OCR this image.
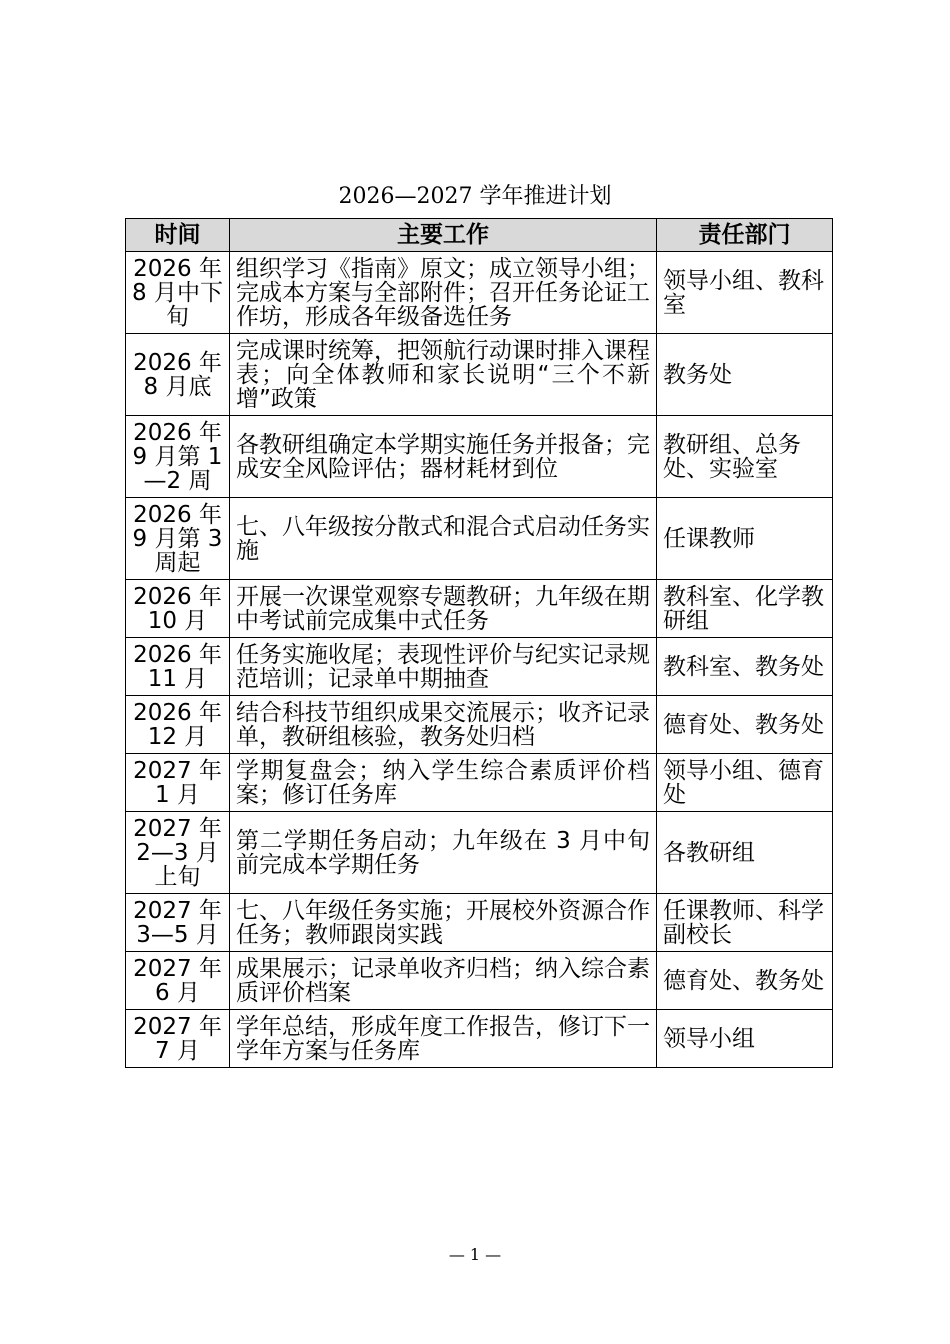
2026—2027 学年推进计划
时间	主要工作	责任部门
2026 年 8 月中下旬	组织学习《指南》原文；成立领导小组；完成本方案与全部附件；召开任务论证工作坊，形成各年级备选任务	领导小组、教科室
2026 年 8 月底	完成课时统筹，把领航行动课时排入课程表；向全体教师和家长说明“三个不新增”政策	教务处
2026 年 9 月第 1—2 周	各教研组确定本学期实施任务并报备；完成安全风险评估；器材耗材到位	教研组、总务处、实验室
2026 年 9 月第 3 周起	七、八年级按分散式和混合式启动任务实施	任课教师
2026 年 10 月	开展一次课堂观察专题教研；九年级在期中考试前完成集中式任务	教科室、化学教研组
2026 年 11 月	任务实施收尾；表现性评价与纪实记录规范培训；记录单中期抽查	教科室、教务处
2026 年 12 月	结合科技节组织成果交流展示；收齐记录单，教研组核验，教务处归档	德育处、教务处
2027 年 1 月	学期复盘会；纳入学生综合素质评价档案；修订任务库	领导小组、德育处
2027 年 2—3 月上旬	第二学期任务启动；九年级在 3 月中旬前完成本学期任务	各教研组
2027 年 3—5 月	七、八年级任务实施；开展校外资源合作任务；教师跟岗实践	任课教师、科学副校长
2027 年 6 月	成果展示；记录单收齐归档；纳入综合素质评价档案	德育处、教务处
2027 年 7 月	学年总结，形成年度工作报告，修订下一学年方案与任务库	领导小组
— 1 —
